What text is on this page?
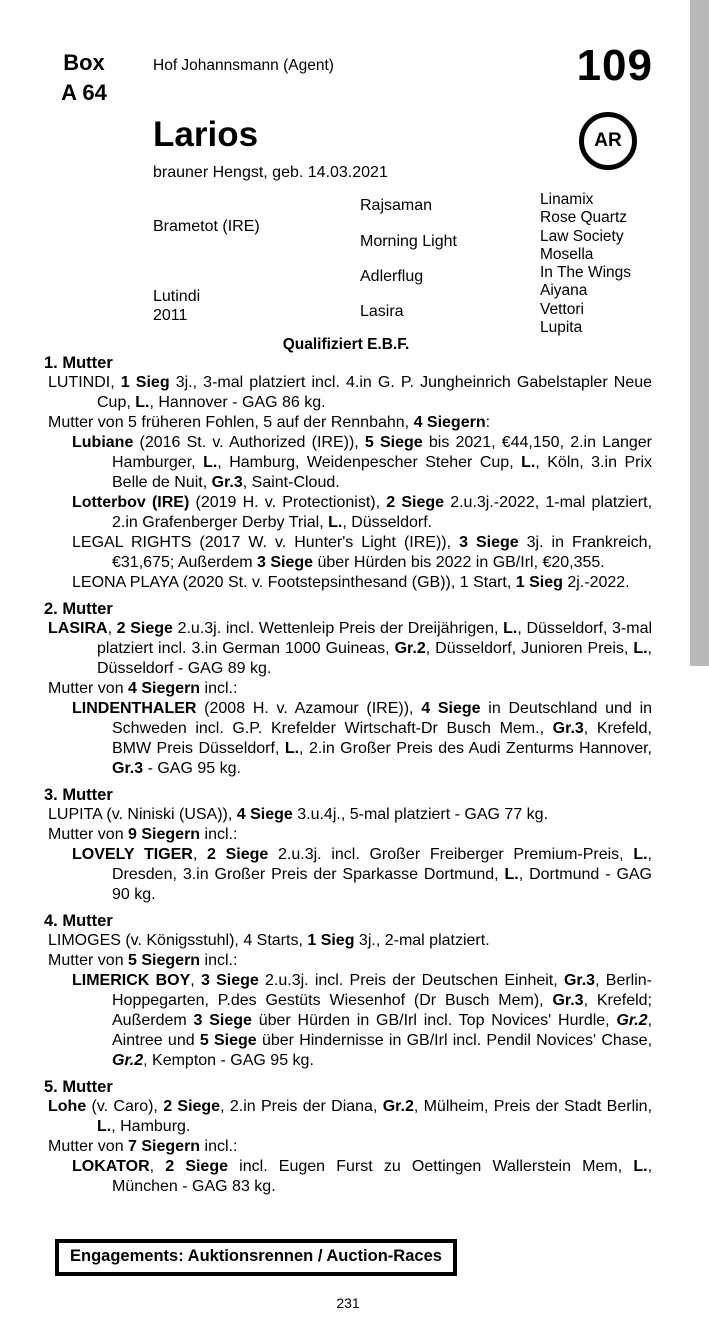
Box
A 64
Hof Johannsmann (Agent)	109
Larios
brauner Hengst, geb. 14.03.2021
AR
Brametot (IRE)
Lutindi
2011
Rajsaman
Morning Light
Adlerflug
Lasira
Linamix
Rose Quartz
Law Society
Mosella
In The Wings
Aiyana
Vettori
Lupita
Qualifiziert E.B.F.
1. Mutter
LUTINDI, 1 Sieg 3j., 3-mal platziert incl. 4.in G. P. Jungheinrich Gabelstapler Neue Cup, L., Hannover - GAG 86 kg.
Mutter von 5 früheren Fohlen, 5 auf der Rennbahn, 4 Siegern:
Lubiane (2016 St. v. Authorized (IRE)), 5 Siege bis 2021, €44,150, 2.in Langer Hamburger, L., Hamburg, Weidenpescher Steher Cup, L., Köln, 3.in Prix Belle de Nuit, Gr.3, Saint-Cloud.
Lotterbov (IRE) (2019 H. v. Protectionist), 2 Siege 2.u.3j.-2022, 1-mal platziert, 2.in Grafenberger Derby Trial, L., Düsseldorf.
LEGAL RIGHTS (2017 W. v. Hunter's Light (IRE)), 3 Siege 3j. in Frankreich, €31,675; Außerdem 3 Siege über Hürden bis 2022 in GB/Irl, €20,355.
LEONA PLAYA (2020 St. v. Footstepsinthesand (GB)), 1 Start, 1 Sieg 2j.-2022.
2. Mutter
LASIRA, 2 Siege 2.u.3j. incl. Wettenleip Preis der Dreijährigen, L., Düsseldorf, 3-mal platziert incl. 3.in German 1000 Guineas, Gr.2, Düsseldorf, Junioren Preis, L., Düsseldorf - GAG 89 kg.
Mutter von 4 Siegern incl.:
LINDENTHALER (2008 H. v. Azamour (IRE)), 4 Siege in Deutschland und in Schweden incl. G.P. Krefelder Wirtschaft-Dr Busch Mem., Gr.3, Krefeld, BMW Preis Düsseldorf, L., 2.in Großer Preis des Audi Zenturms Hannover, Gr.3 - GAG 95 kg.
3. Mutter
LUPITA (v. Niniski (USA)), 4 Siege 3.u.4j., 5-mal platziert - GAG 77 kg.
Mutter von 9 Siegern incl.:
LOVELY TIGER, 2 Siege 2.u.3j. incl. Großer Freiberger Premium-Preis, L., Dresden, 3.in Großer Preis der Sparkasse Dortmund, L., Dortmund - GAG 90 kg.
4. Mutter
LIMOGES (v. Königsstuhl), 4 Starts, 1 Sieg 3j., 2-mal platziert.
Mutter von 5 Siegern incl.:
LIMERICK BOY, 3 Siege 2.u.3j. incl. Preis der Deutschen Einheit, Gr.3, Berlin-Hoppegarten, P.des Gestüts Wiesenhof (Dr Busch Mem), Gr.3, Krefeld; Außerdem 3 Siege über Hürden in GB/Irl incl. Top Novices' Hurdle, Gr.2, Aintree und 5 Siege über Hindernisse in GB/Irl incl. Pendil Novices' Chase, Gr.2, Kempton - GAG 95 kg.
5. Mutter
Lohe (v. Caro), 2 Siege, 2.in Preis der Diana, Gr.2, Mülheim, Preis der Stadt Berlin, L., Hamburg.
Mutter von 7 Siegern incl.:
LOKATOR, 2 Siege incl. Eugen Furst zu Oettingen Wallerstein Mem, L., München - GAG 83 kg.
Engagements: Auktionsrennen / Auction-Races
231
